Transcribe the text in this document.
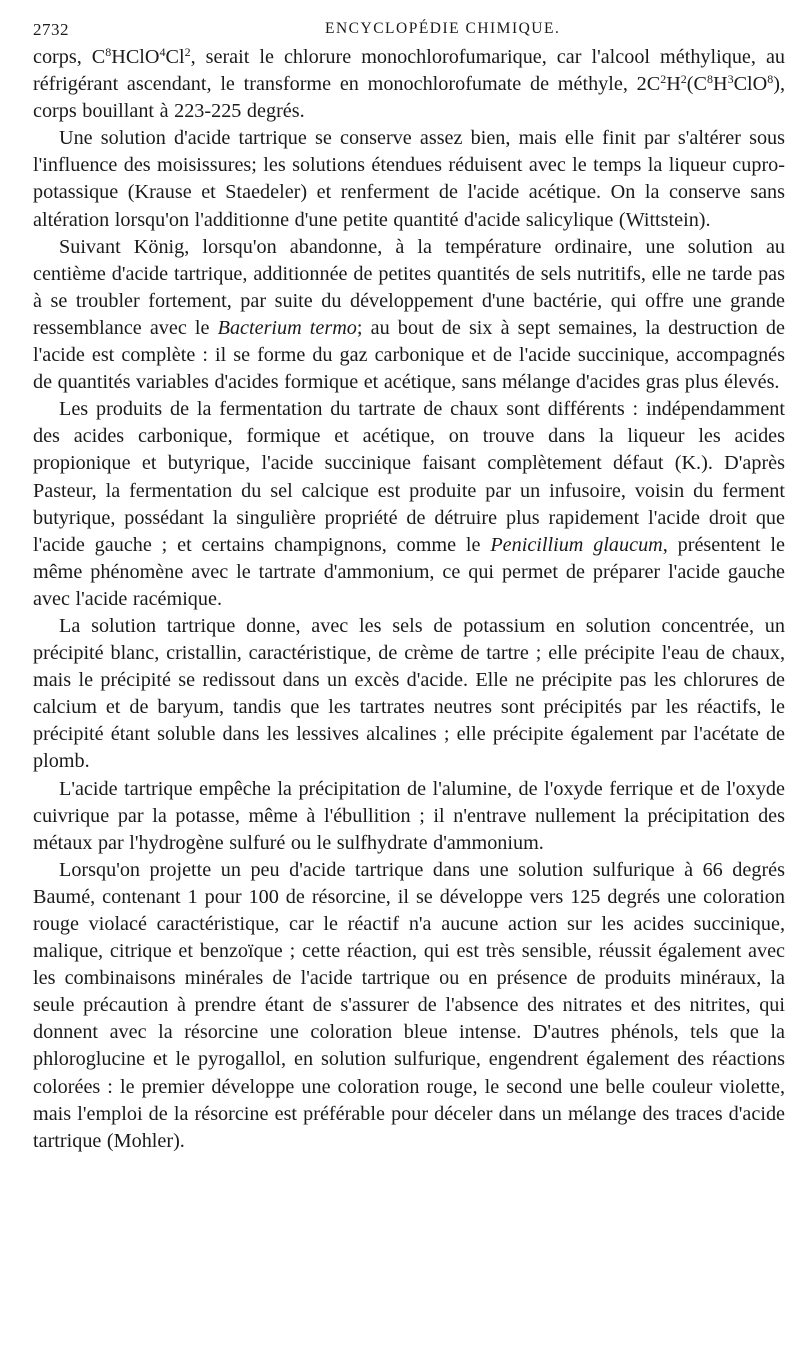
2732	ENCYCLOPÉDIE CHIMIQUE.

corps, $C^8HClO^4Cl^2$, serait le chlorure monochlorofumarique, car l'alcool méthylique, au réfrigérant ascendant, le transforme en monochlorofumate de méthyle, $2C^2H^2(C^8H^3ClO^8)$, corps bouillant à 223-225 degrés.

Une solution d'acide tartrique se conserve assez bien, mais elle finit par s'altérer sous l'influence des moisissures; les solutions étendues réduisent avec le temps la liqueur cupro-potassique (Krause et Staedeler) et renferment de l'acide acétique. On la conserve sans altération lorsqu'on l'additionne d'une petite quantité d'acide salicylique (Wittstein).

Suivant König, lorsqu'on abandonne, à la température ordinaire, une solution au centième d'acide tartrique, additionnée de petites quantités de sels nutritifs, elle ne tarde pas à se troubler fortement, par suite du développement d'une bactérie, qui offre une grande ressemblance avec le Bacterium termo; au bout de six à sept semaines, la destruction de l'acide est complète : il se forme du gaz carbonique et de l'acide succinique, accompagnés de quantités variables d'acides formique et acétique, sans mélange d'acides gras plus élevés.

Les produits de la fermentation du tartrate de chaux sont différents : indépendamment des acides carbonique, formique et acétique, on trouve dans la liqueur les acides propionique et butyrique, l'acide succinique faisant complètement défaut (K.). D'après Pasteur, la fermentation du sel calcique est produite par un infusoire, voisin du ferment butyrique, possédant la singulière propriété de détruire plus rapidement l'acide droit que l'acide gauche ; et certains champignons, comme le Penicillium glaucum, présentent le même phénomène avec le tartrate d'ammonium, ce qui permet de préparer l'acide gauche avec l'acide racémique.

La solution tartrique donne, avec les sels de potassium en solution concentrée, un précipité blanc, cristallin, caractéristique, de crème de tartre ; elle précipite l'eau de chaux, mais le précipité se redissout dans un excès d'acide. Elle ne précipite pas les chlorures de calcium et de baryum, tandis que les tartrates neutres sont précipités par les réactifs, le précipité étant soluble dans les lessives alcalines ; elle précipite également par l'acétate de plomb.

L'acide tartrique empêche la précipitation de l'alumine, de l'oxyde ferrique et de l'oxyde cuivrique par la potasse, même à l'ébullition ; il n'entrave nullement la précipitation des métaux par l'hydrogène sulfuré ou le sulfhydrate d'ammonium.

Lorsqu'on projette un peu d'acide tartrique dans une solution sulfurique à 66 degrés Baumé, contenant 1 pour 100 de résorcine, il se développe vers 125 degrés une coloration rouge violacé caractéristique, car le réactif n'a aucune action sur les acides succinique, malique, citrique et benzoïque ; cette réaction, qui est très sensible, réussit également avec les combinaisons minérales de l'acide tartrique ou en présence de produits minéraux, la seule précaution à prendre étant de s'assurer de l'absence des nitrates et des nitrites, qui donnent avec la résorcine une coloration bleue intense. D'autres phénols, tels que la phloroglucine et le pyrogallol, en solution sulfurique, engendrent également des réactions colorées : le premier développe une coloration rouge, le second une belle couleur violette, mais l'emploi de la résorcine est préférable pour déceler dans un mélange des traces d'acide tartrique (Mohler).
